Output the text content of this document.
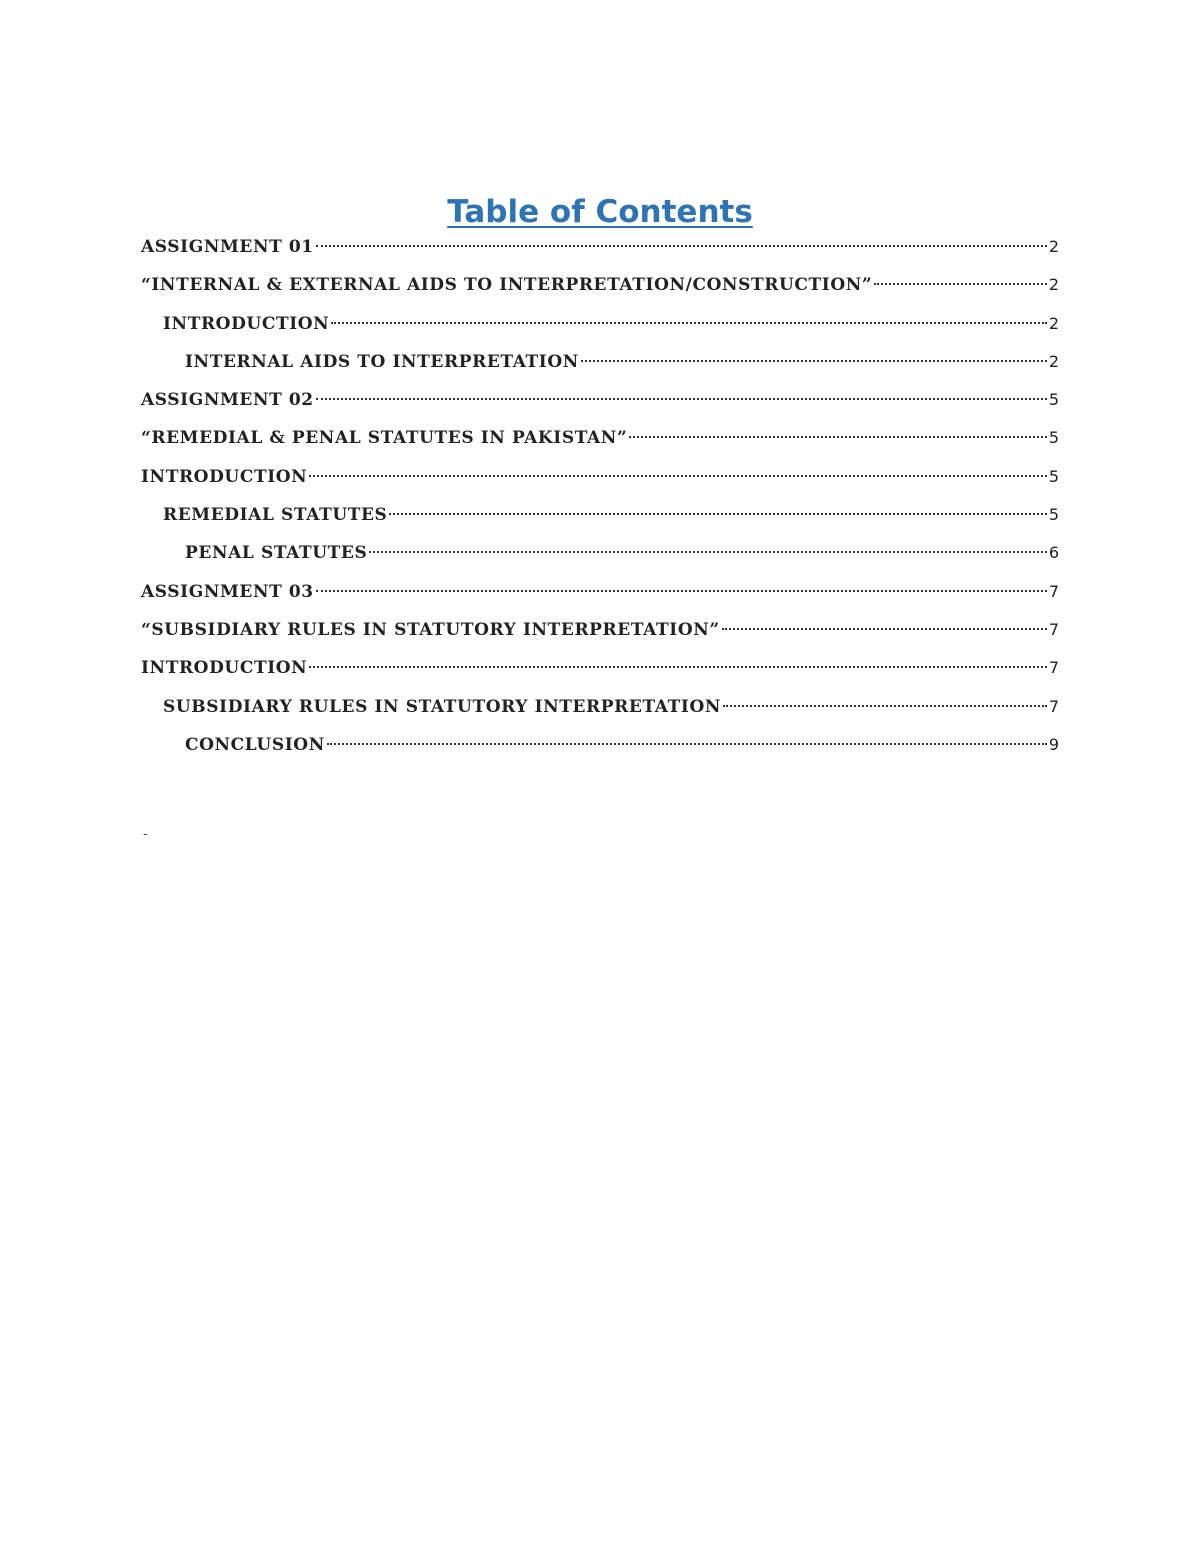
Table of Contents
ASSIGNMENT 01	2
“INTERNAL & EXTERNAL AIDS TO INTERPRETATION/CONSTRUCTION”	2
INTRODUCTION	2
INTERNAL AIDS TO INTERPRETATION	2
ASSIGNMENT 02	5
“REMEDIAL & PENAL STATUTES IN PAKISTAN”	5
INTRODUCTION	5
REMEDIAL STATUTES	5
PENAL STATUTES	6
ASSIGNMENT 03	7
“SUBSIDIARY RULES IN STATUTORY INTERPRETATION”	7
INTRODUCTION	7
SUBSIDIARY RULES IN STATUTORY INTERPRETATION	7
CONCLUSION	9
-
